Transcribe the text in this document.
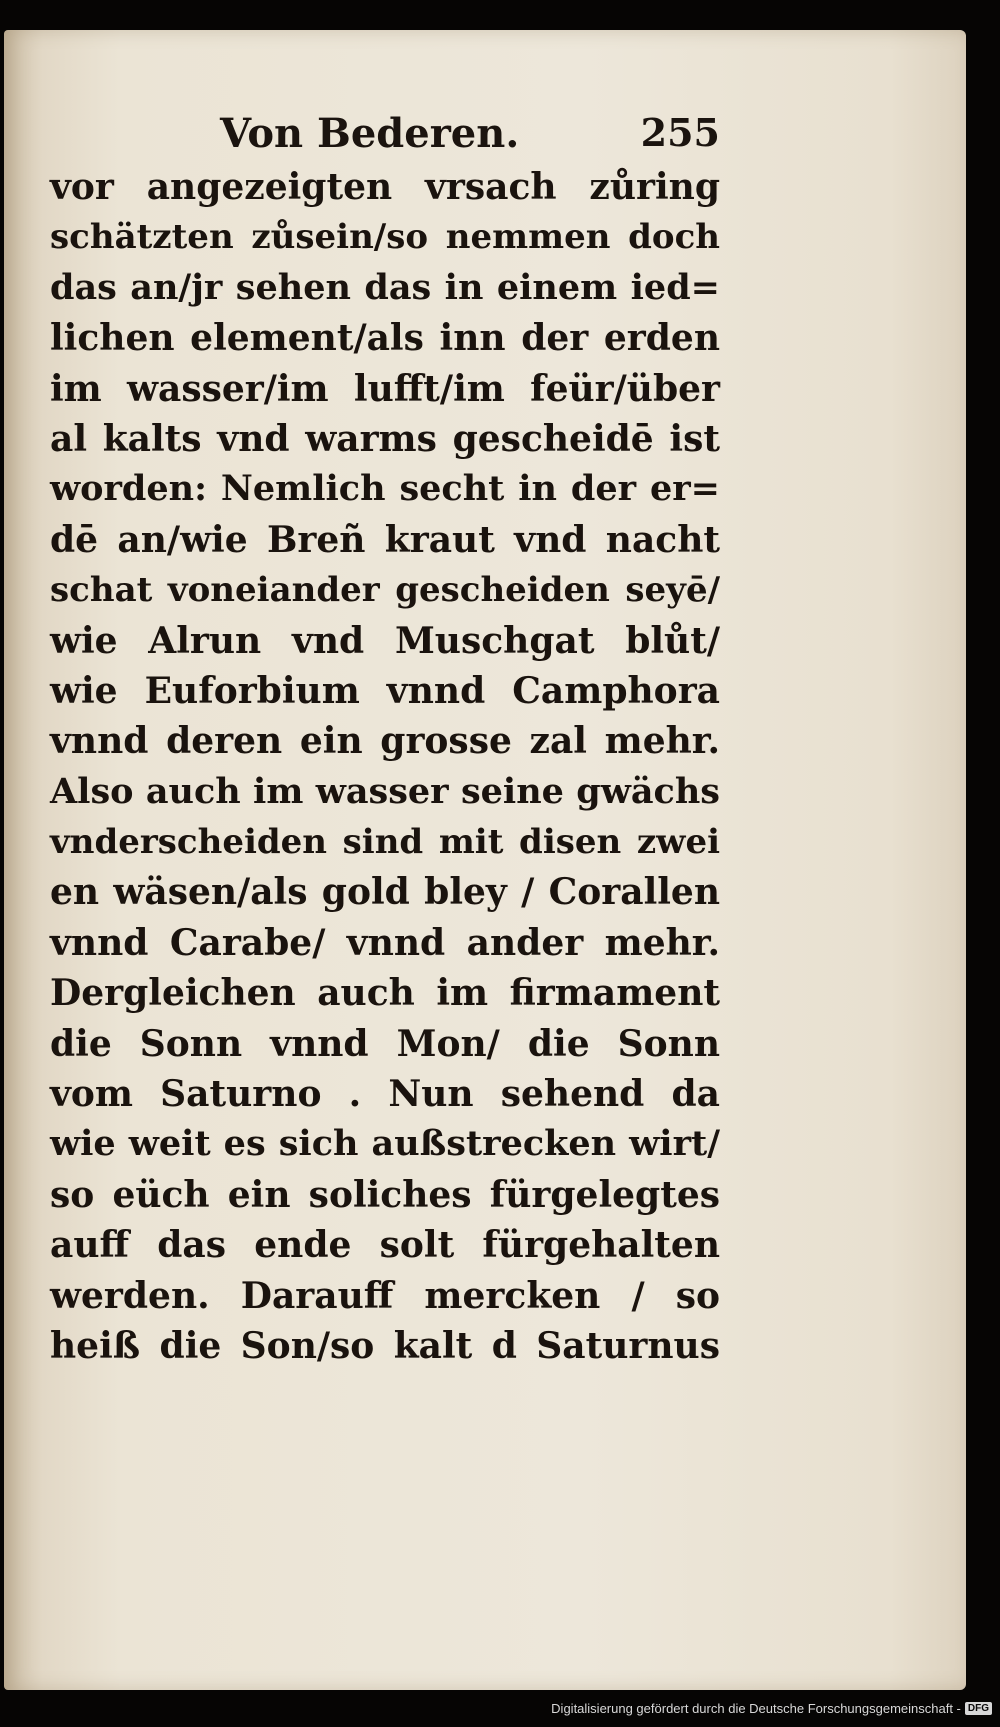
Von Bederen.	255
vor angezeigten vrsach zůring
schätzten zůsein/so nemmen doch
das an/jr sehen das in einem ied=
lichen element/als inn der erden
im wasser/im lufft/im feür/über
al kalts vnd warms gescheidē ist
worden: Nemlich secht in der er=
dē an/wie Breñ kraut vnd nacht
schat voneiander gescheiden seyē/
wie Alrun vnd Muschgat blůt/
wie Euforbium vnnd Camphora
vnnd deren ein grosse zal mehr.
Also auch im wasser seine gwächs
vnderscheiden sind mit disen zwei
en wäsen/als gold bley / Corallen
vnnd Carabe/ vnnd ander mehr.
Dergleichen auch im firmament
die Sonn vnnd Mon/ die Sonn
vom Saturno . Nun sehend da
wie weit es sich außstrecken wirt/
so eüch ein soliches fürgelegtes
auff das ende solt fürgehalten
werden. Darauff mercken / so
heiß die Son/so kalt d Saturnus
Digitalisierung gefördert durch die Deutsche Forschungsgemeinschaft - DFG
